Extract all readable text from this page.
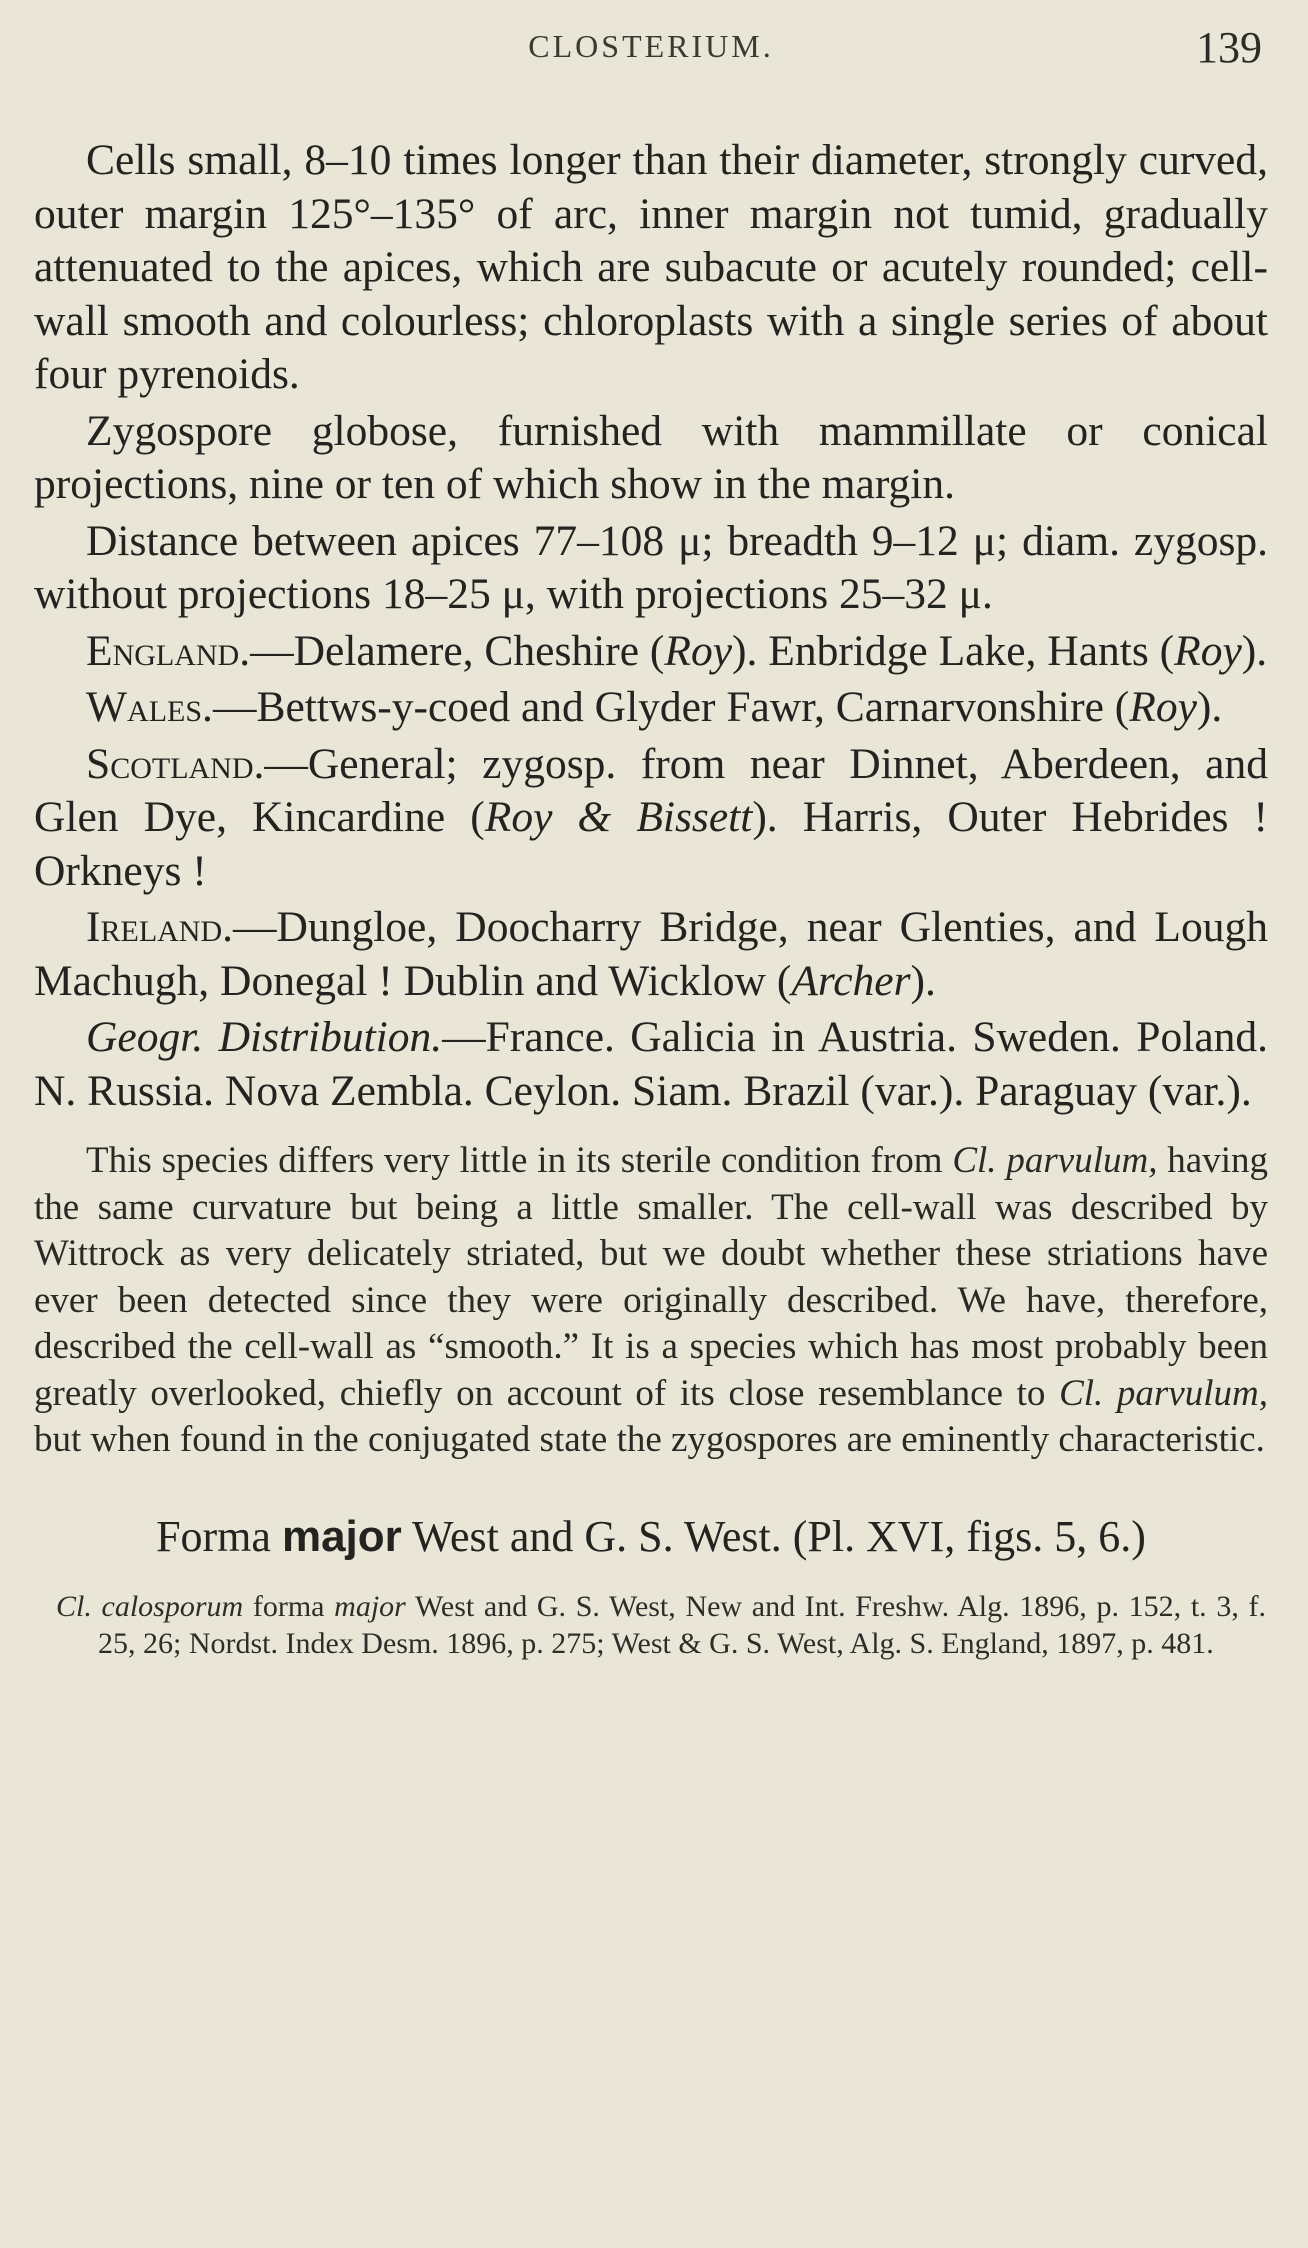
CLOSTERIUM.	139

Cells small, 8–10 times longer than their diameter, strongly curved, outer margin 125°–135° of arc, inner margin not tumid, gradually attenuated to the apices, which are subacute or acutely rounded; cell-wall smooth and colourless; chloroplasts with a single series of about four pyrenoids.

Zygospore globose, furnished with mammillate or conical projections, nine or ten of which show in the margin.

Distance between apices 77–108 μ; breadth 9–12 μ; diam. zygosp. without projections 18–25 μ, with projections 25–32 μ.

England.—Delamere, Cheshire (Roy). Enbridge Lake, Hants (Roy).

Wales.—Bettws-y-coed and Glyder Fawr, Carnarvonshire (Roy).

Scotland.—General; zygosp. from near Dinnet, Aberdeen, and Glen Dye, Kincardine (Roy & Bissett). Harris, Outer Hebrides ! Orkneys !

Ireland.—Dungloe, Doocharry Bridge, near Glenties, and Lough Machugh, Donegal ! Dublin and Wicklow (Archer).

Geogr. Distribution.—France. Galicia in Austria. Sweden. Poland. N. Russia. Nova Zembla. Ceylon. Siam. Brazil (var.). Paraguay (var.).

This species differs very little in its sterile condition from Cl. parvulum, having the same curvature but being a little smaller. The cell-wall was described by Wittrock as very delicately striated, but we doubt whether these striations have ever been detected since they were originally described. We have, therefore, described the cell-wall as “smooth.” It is a species which has most probably been greatly overlooked, chiefly on account of its close resemblance to Cl. parvulum, but when found in the conjugated state the zygospores are eminently characteristic.

Forma major West and G. S. West. (Pl. XVI, figs. 5, 6.)

Cl. calosporum forma major West and G. S. West, New and Int. Freshw. Alg. 1896, p. 152, t. 3, f. 25, 26; Nordst. Index Desm. 1896, p. 275; West & G. S. West, Alg. S. England, 1897, p. 481.
